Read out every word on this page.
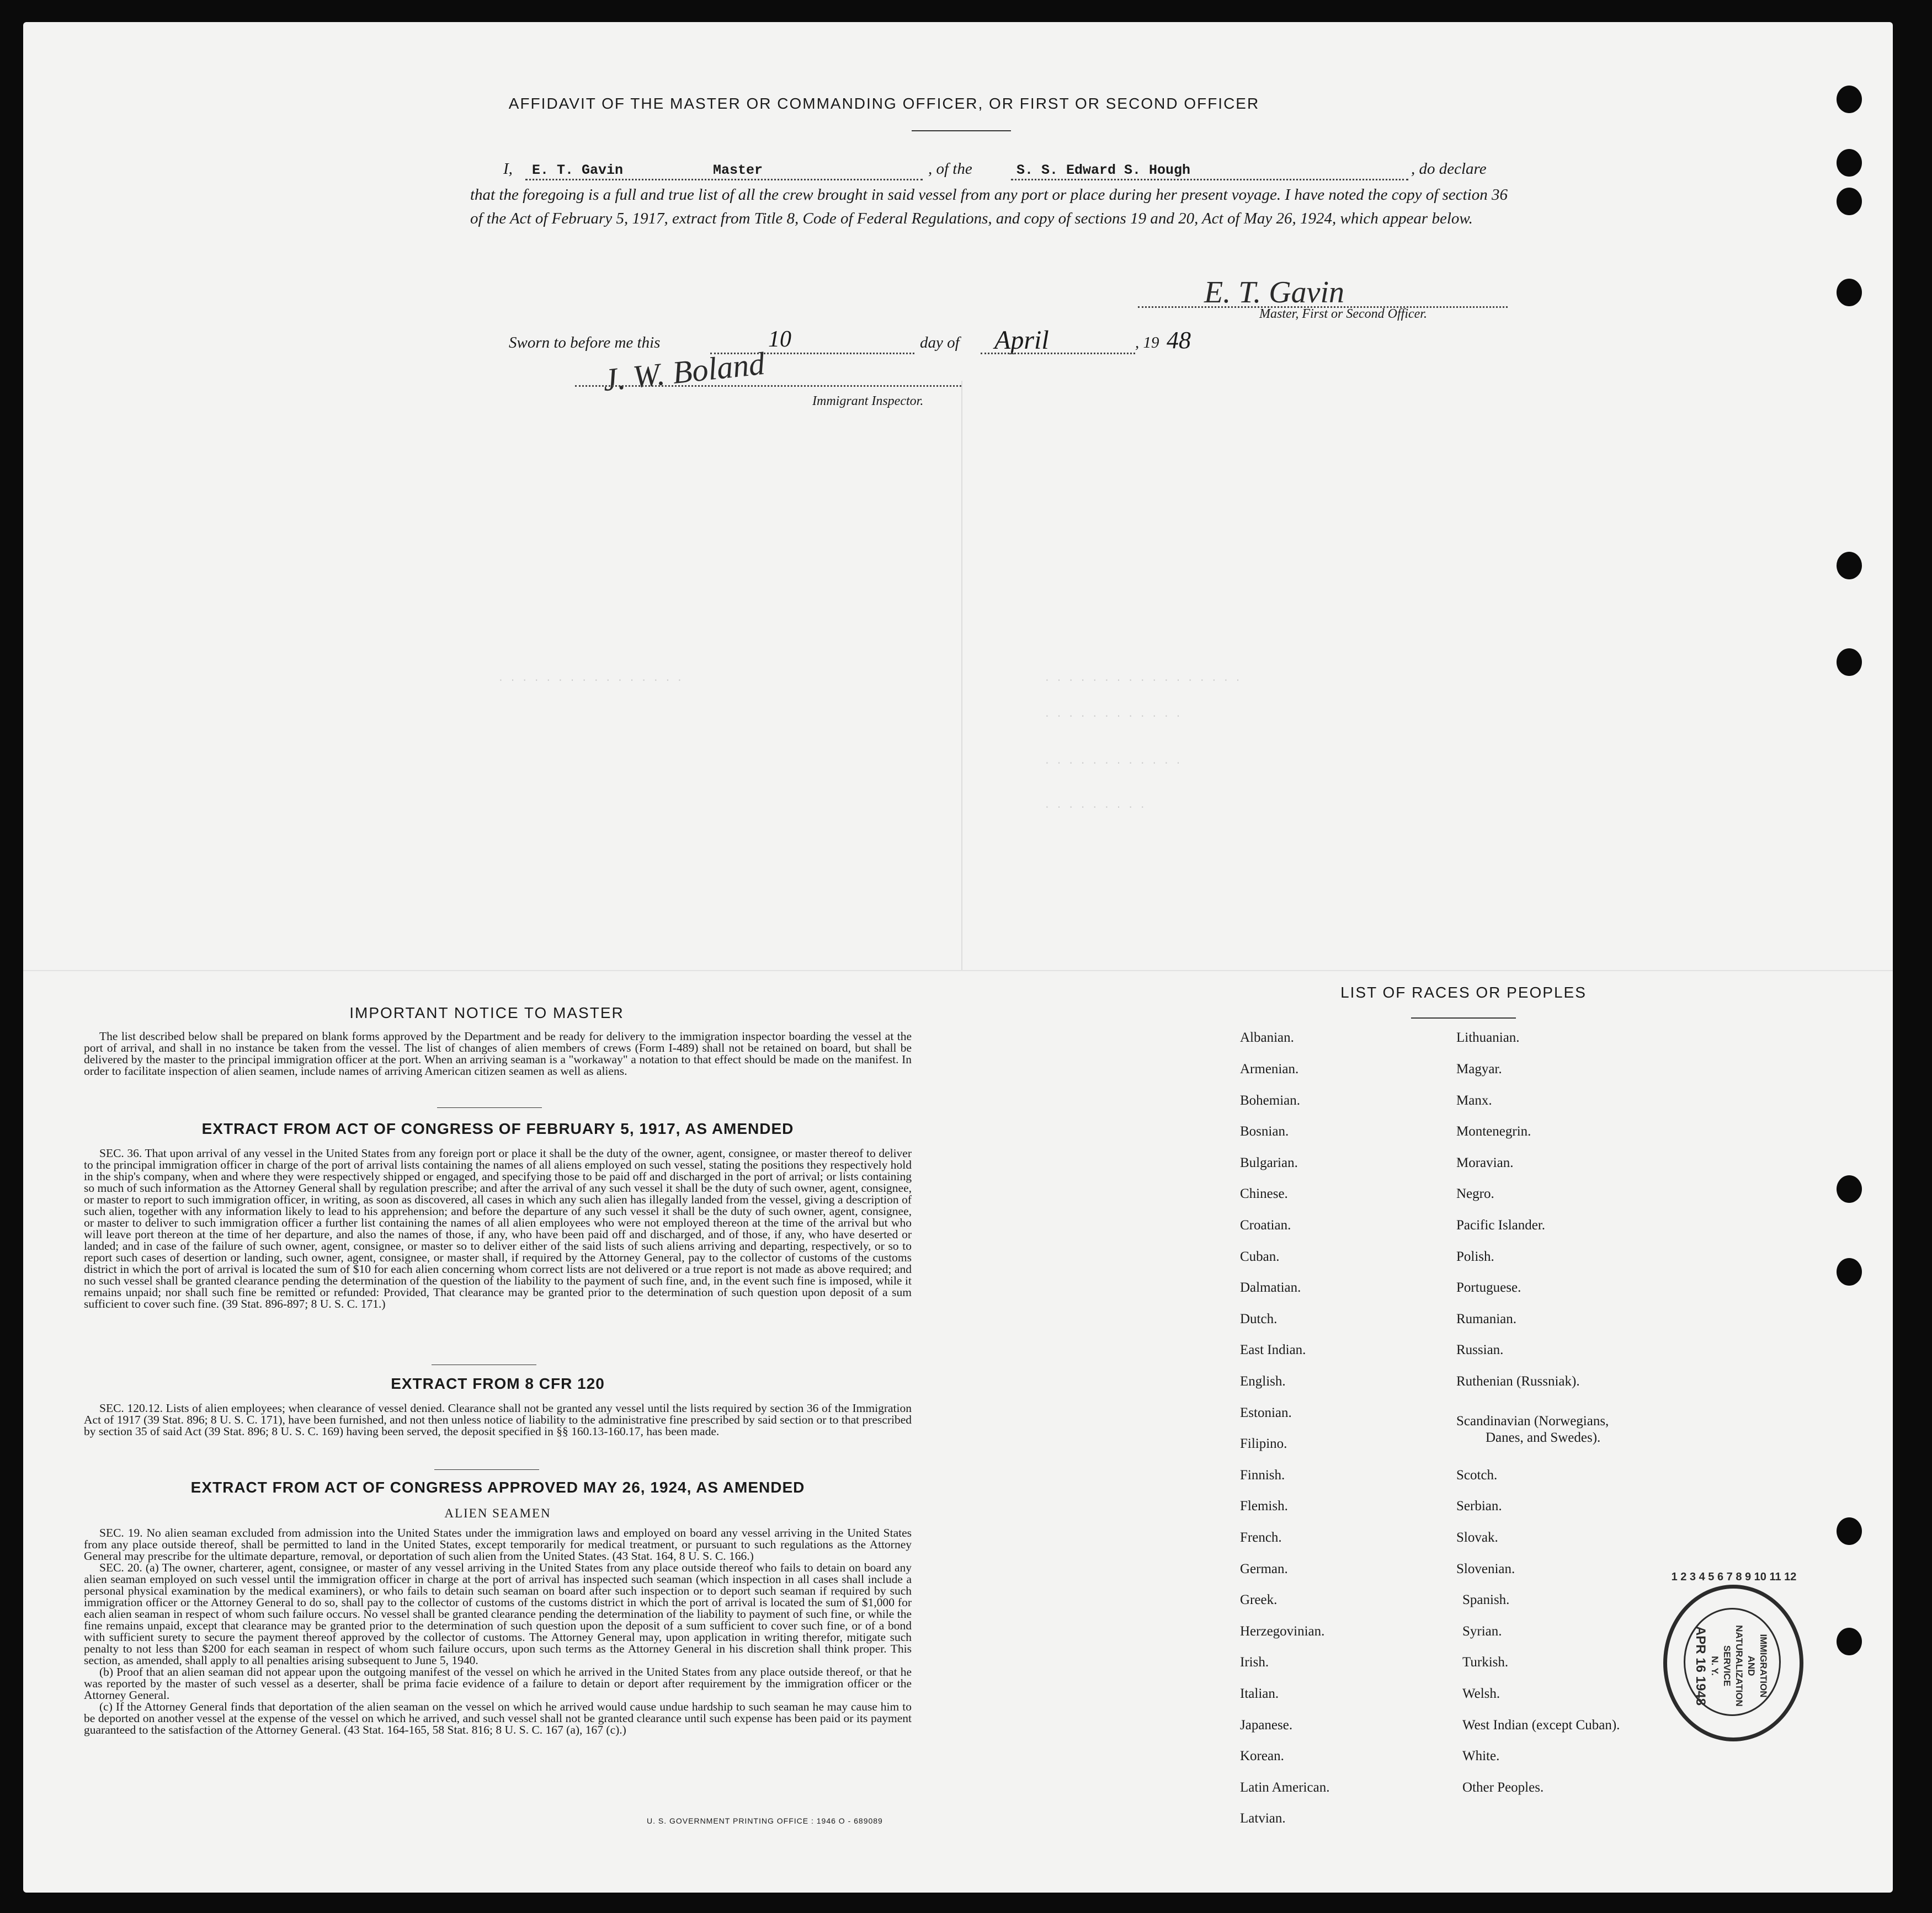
. . . . . . . . . . . . . . . .	. . . . . . . . . . . . . . . . .
. . . . . . . . . . . .
. . . . . . . . . . . .
. . . . . . . . .
AFFIDAVIT OF THE MASTER OR COMMANDING OFFICER, OR FIRST OR SECOND OFFICER
I, E. T. Gavin	Master	, of the	S. S. Edward S. Hough	, do declare
that the foregoing is a full and true list of all the crew brought in said vessel from any port or place during her present voyage. I have noted the copy of section 36 of the Act of February 5, 1917, extract from Title 8, Code of Federal Regulations, and copy of sections 19 and 20, Act of May 26, 1924, which appear below.
E. T. Gavin
Master, First or Second Officer.
Sworn to before me this	10	day of April	, 19 48
J. W. Boland
Immigrant Inspector.
IMPORTANT NOTICE TO MASTER

The list described below shall be prepared on blank forms approved by the Department and be ready for delivery to the immigration inspector boarding the vessel at the port of arrival, and shall in no instance be taken from the vessel. The list of changes of alien members of crews (Form I-489) shall not be retained on board, but shall be delivered by the master to the principal immigration officer at the port. When an arriving seaman is a "workaway" a notation to that effect should be made on the manifest. In order to facilitate inspection of alien seamen, include names of arriving American citizen seamen as well as aliens.

EXTRACT FROM ACT OF CONGRESS OF FEBRUARY 5, 1917, AS AMENDED

SEC. 36. That upon arrival of any vessel in the United States from any foreign port or place it shall be the duty of the owner, agent, consignee, or master thereof to deliver to the principal immigration officer in charge of the port of arrival lists containing the names of all aliens employed on such vessel, stating the positions they respectively hold in the ship's company, when and where they were respectively shipped or engaged, and specifying those to be paid off and discharged in the port of arrival; or lists containing so much of such information as the Attorney General shall by regulation prescribe; and after the arrival of any such vessel it shall be the duty of such owner, agent, consignee, or master to report to such immigration officer, in writing, as soon as discovered, all cases in which any such alien has illegally landed from the vessel, giving a description of such alien, together with any information likely to lead to his apprehension; and before the departure of any such vessel it shall be the duty of such owner, agent, consignee, or master to deliver to such immigration officer a further list containing the names of all alien employees who were not employed thereon at the time of the arrival but who will leave port thereon at the time of her departure, and also the names of those, if any, who have been paid off and discharged, and of those, if any, who have deserted or landed; and in case of the failure of such owner, agent, consignee, or master so to deliver either of the said lists of such aliens arriving and departing, respectively, or so to report such cases of desertion or landing, such owner, agent, consignee, or master shall, if required by the Attorney General, pay to the collector of customs of the customs district in which the port of arrival is located the sum of $10 for each alien concerning whom correct lists are not delivered or a true report is not made as above required; and no such vessel shall be granted clearance pending the determination of the question of the liability to the payment of such fine, and, in the event such fine is imposed, while it remains unpaid; nor shall such fine be remitted or refunded: Provided, That clearance may be granted prior to the determination of such question upon deposit of a sum sufficient to cover such fine. (39 Stat. 896-897; 8 U. S. C. 171.)

EXTRACT FROM 8 CFR 120

SEC. 120.12. Lists of alien employees; when clearance of vessel denied. Clearance shall not be granted any vessel until the lists required by section 36 of the Immigration Act of 1917 (39 Stat. 896; 8 U. S. C. 171), have been furnished, and not then unless notice of liability to the administrative fine prescribed by said section or to that prescribed by section 35 of said Act (39 Stat. 896; 8 U. S. C. 169) having been served, the deposit specified in §§ 160.13-160.17, has been made.

EXTRACT FROM ACT OF CONGRESS APPROVED MAY 26, 1924, AS AMENDED
ALIEN SEAMEN

SEC. 19. No alien seaman excluded from admission into the United States under the immigration laws and employed on board any vessel arriving in the United States from any place outside thereof, shall be permitted to land in the United States, except temporarily for medical treatment, or pursuant to such regulations as the Attorney General may prescribe for the ultimate departure, removal, or deportation of such alien from the United States. (43 Stat. 164, 8 U. S. C. 166.)

SEC. 20. (a) The owner, charterer, agent, consignee, or master of any vessel arriving in the United States from any place outside thereof who fails to detain on board any alien seaman employed on such vessel until the immigration officer in charge at the port of arrival has inspected such seaman (which inspection in all cases shall include a personal physical examination by the medical examiners), or who fails to detain such seaman on board after such inspection or to deport such seaman if required by such immigration officer or the Attorney General to do so, shall pay to the collector of customs of the customs district in which the port of arrival is located the sum of $1,000 for each alien seaman in respect of whom such failure occurs. No vessel shall be granted clearance pending the determination of the liability to payment of such fine, or while the fine remains unpaid, except that clearance may be granted prior to the determination of such question upon the deposit of a sum sufficient to cover such fine, or of a bond with sufficient surety to secure the payment thereof approved by the collector of customs. The Attorney General may, upon application in writing therefor, mitigate such penalty to not less than $200 for each seaman in respect of whom such failure occurs, upon such terms as the Attorney General in his discretion shall think proper. This section, as amended, shall apply to all penalties arising subsequent to June 5, 1940.

(b) Proof that an alien seaman did not appear upon the outgoing manifest of the vessel on which he arrived in the United States from any place outside thereof, or that he was reported by the master of such vessel as a deserter, shall be prima facie evidence of a failure to detain or deport after requirement by the immigration officer or the Attorney General.

(c) If the Attorney General finds that deportation of the alien seaman on the vessel on which he arrived would cause undue hardship to such seaman he may cause him to be deported on another vessel at the expense of the vessel on which he arrived, and such vessel shall not be granted clearance until such expense has been paid or its payment guaranteed to the satisfaction of the Attorney General. (43 Stat. 164-165, 58 Stat. 816; 8 U. S. C. 167 (a), 167 (c).)

U. S. GOVERNMENT PRINTING OFFICE : 1946 O - 689089
LIST OF RACES OR PEOPLES
Albanian.
Armenian.
Bohemian.
Bosnian.
Bulgarian.
Chinese.
Croatian.
Cuban.
Dalmatian.
Dutch.
East Indian.
English.
Estonian.
Filipino.
Finnish.
Flemish.
French.
German.
Greek.
Herzegovinian.
Irish.
Italian.
Japanese.
Korean.
Latin American.
Latvian.
Lithuanian.
Magyar.
Manx.
Montenegrin.
Moravian.
Negro.
Pacific Islander.
Polish.
Portuguese.
Rumanian.
Russian.
Ruthenian (Russniak).
Scandinavian (Norwegians,
Danes, and Swedes).
Scotch.
Serbian.
Slovak.
Slovenian.
Spanish.
Syrian.
Turkish.
Welsh.
West Indian (except Cuban).
White.
Other Peoples.
1 2 3 4 5 6 7 8 9 10 11 12
IMMIGRATION AND
NATURALIZATION
SERVICE
N. Y.
APR 16 1948
